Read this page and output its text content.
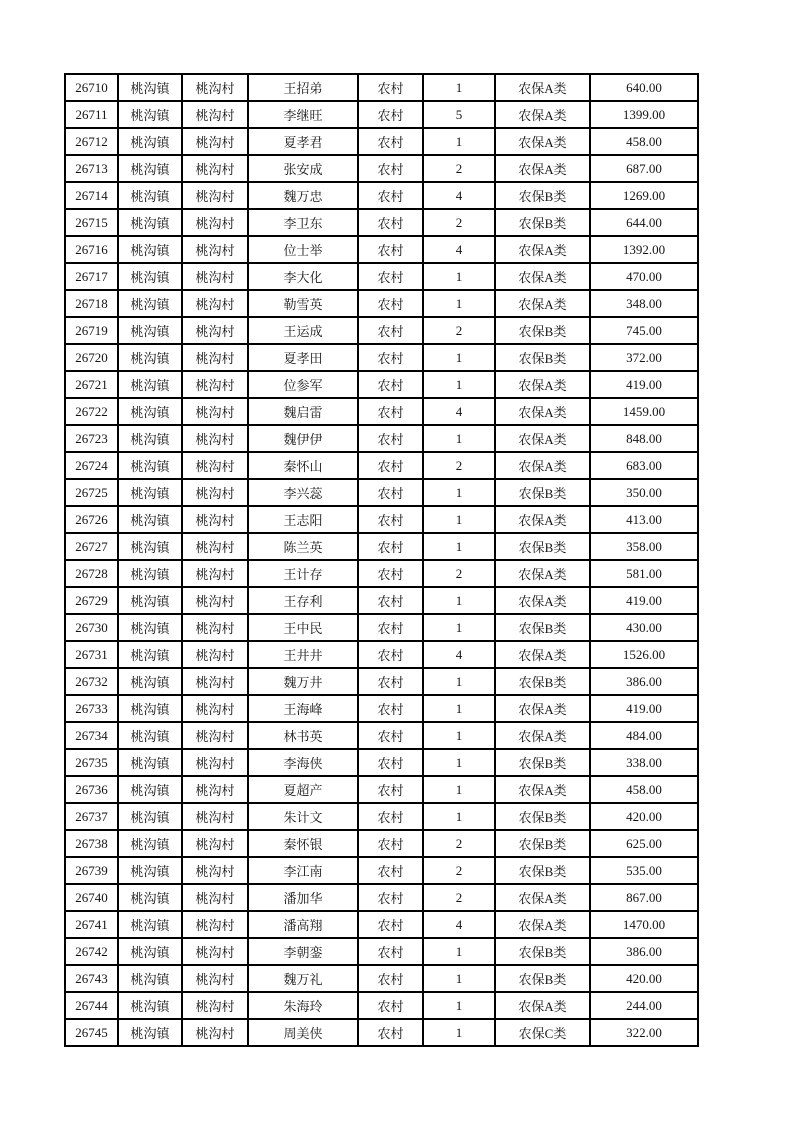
26710	桃沟镇	桃沟村	王招弟	农村	1	农保A类	640.00
26711	桃沟镇	桃沟村	李继旺	农村	5	农保A类	1399.00
26712	桃沟镇	桃沟村	夏孝君	农村	1	农保A类	458.00
26713	桃沟镇	桃沟村	张安成	农村	2	农保A类	687.00
26714	桃沟镇	桃沟村	魏万忠	农村	4	农保B类	1269.00
26715	桃沟镇	桃沟村	李卫东	农村	2	农保B类	644.00
26716	桃沟镇	桃沟村	位士举	农村	4	农保A类	1392.00
26717	桃沟镇	桃沟村	李大化	农村	1	农保A类	470.00
26718	桃沟镇	桃沟村	勒雪英	农村	1	农保A类	348.00
26719	桃沟镇	桃沟村	王运成	农村	2	农保B类	745.00
26720	桃沟镇	桃沟村	夏孝田	农村	1	农保B类	372.00
26721	桃沟镇	桃沟村	位参军	农村	1	农保A类	419.00
26722	桃沟镇	桃沟村	魏启雷	农村	4	农保A类	1459.00
26723	桃沟镇	桃沟村	魏伊伊	农村	1	农保A类	848.00
26724	桃沟镇	桃沟村	秦怀山	农村	2	农保A类	683.00
26725	桃沟镇	桃沟村	李兴蕊	农村	1	农保B类	350.00
26726	桃沟镇	桃沟村	王志阳	农村	1	农保A类	413.00
26727	桃沟镇	桃沟村	陈兰英	农村	1	农保B类	358.00
26728	桃沟镇	桃沟村	王计存	农村	2	农保A类	581.00
26729	桃沟镇	桃沟村	王存利	农村	1	农保A类	419.00
26730	桃沟镇	桃沟村	王中民	农村	1	农保B类	430.00
26731	桃沟镇	桃沟村	王井井	农村	4	农保A类	1526.00
26732	桃沟镇	桃沟村	魏万井	农村	1	农保B类	386.00
26733	桃沟镇	桃沟村	王海峰	农村	1	农保A类	419.00
26734	桃沟镇	桃沟村	林书英	农村	1	农保A类	484.00
26735	桃沟镇	桃沟村	李海侠	农村	1	农保B类	338.00
26736	桃沟镇	桃沟村	夏超产	农村	1	农保A类	458.00
26737	桃沟镇	桃沟村	朱计文	农村	1	农保B类	420.00
26738	桃沟镇	桃沟村	秦怀银	农村	2	农保B类	625.00
26739	桃沟镇	桃沟村	李江南	农村	2	农保B类	535.00
26740	桃沟镇	桃沟村	潘加华	农村	2	农保A类	867.00
26741	桃沟镇	桃沟村	潘高翔	农村	4	农保A类	1470.00
26742	桃沟镇	桃沟村	李朝銮	农村	1	农保B类	386.00
26743	桃沟镇	桃沟村	魏万礼	农村	1	农保B类	420.00
26744	桃沟镇	桃沟村	朱海玲	农村	1	农保A类	244.00
26745	桃沟镇	桃沟村	周美侠	农村	1	农保C类	322.00
